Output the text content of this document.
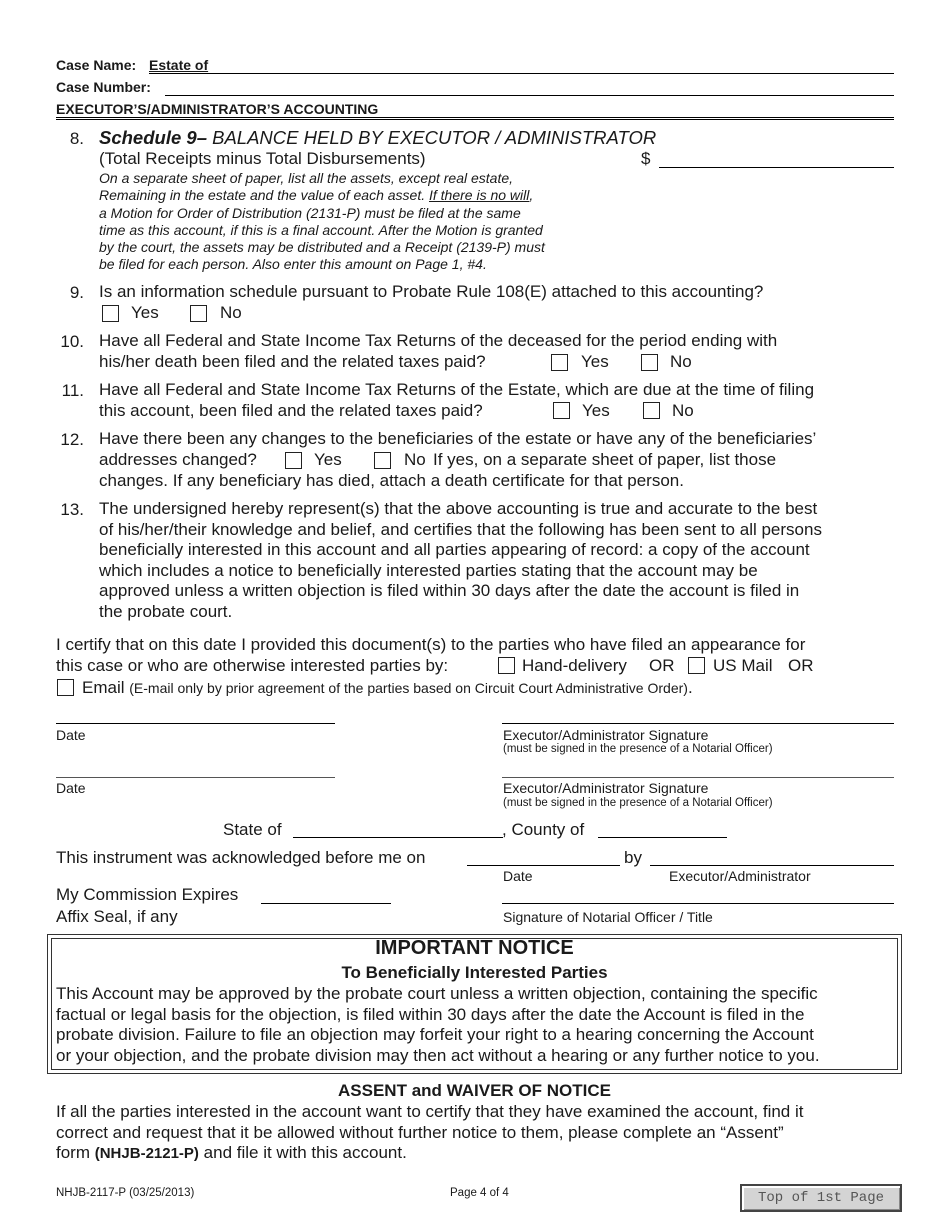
Case Name: Estate of
Case Number:
EXECUTOR’S/ADMINISTRATOR’S ACCOUNTING
8. Schedule 9– BALANCE HELD BY EXECUTOR / ADMINISTRATOR
(Total Receipts minus Total Disbursements)	$
On a separate sheet of paper, list all the assets, except real estate,
Remaining in the estate and the value of each asset. If there is no will,
a Motion for Order of Distribution (2131-P) must be filed at the same
time as this account, if this is a final account. After the Motion is granted
by the court, the assets may be distributed and a Receipt (2139-P) must
be filed for each person. Also enter this amount on Page 1, #4.
9. Is an information schedule pursuant to Probate Rule 108(E) attached to this accounting?
Yes	No
10. Have all Federal and State Income Tax Returns of the deceased for the period ending with
his/her death been filed and the related taxes paid?	Yes	No
11. Have all Federal and State Income Tax Returns of the Estate, which are due at the time of filing
this account, been filed and the related taxes paid?	Yes	No
12. Have there been any changes to the beneficiaries of the estate or have any of the beneficiaries’
addresses changed?	Yes	No If yes, on a separate sheet of paper, list those
changes. If any beneficiary has died, attach a death certificate for that person.
13. The undersigned hereby represent(s) that the above accounting is true and accurate to the best
of his/her/their knowledge and belief, and certifies that the following has been sent to all persons
beneficially interested in this account and all parties appearing of record: a copy of the account
which includes a notice to beneficially interested parties stating that the account may be
approved unless a written objection is filed within 30 days after the date the account is filed in
the probate court.
I certify that on this date I provided this document(s) to the parties who have filed an appearance for
this case or who are otherwise interested parties by:	Hand-delivery OR US Mail OR
Email (E-mail only by prior agreement of the parties based on Circuit Court Administrative Order).
Date	Executor/Administrator Signature
(must be signed in the presence of a Notarial Officer)
Date	Executor/Administrator Signature
(must be signed in the presence of a Notarial Officer)
State of	, County of
This instrument was acknowledged before me on	by
Date	Executor/Administrator
My Commission Expires
Affix Seal, if any	Signature of Notarial Officer / Title
IMPORTANT NOTICE
To Beneficially Interested Parties
This Account may be approved by the probate court unless a written objection, containing the specific
factual or legal basis for the objection, is filed within 30 days after the date the Account is filed in the
probate division. Failure to file an objection may forfeit your right to a hearing concerning the Account
or your objection, and the probate division may then act without a hearing or any further notice to you.
ASSENT and WAIVER OF NOTICE
If all the parties interested in the account want to certify that they have examined the account, find it
correct and request that it be allowed without further notice to them, please complete an “Assent”
form (NHJB-2121-P) and file it with this account.
NHJB-2117-P (03/25/2013)	Page 4 of 4	Top of 1st Page
